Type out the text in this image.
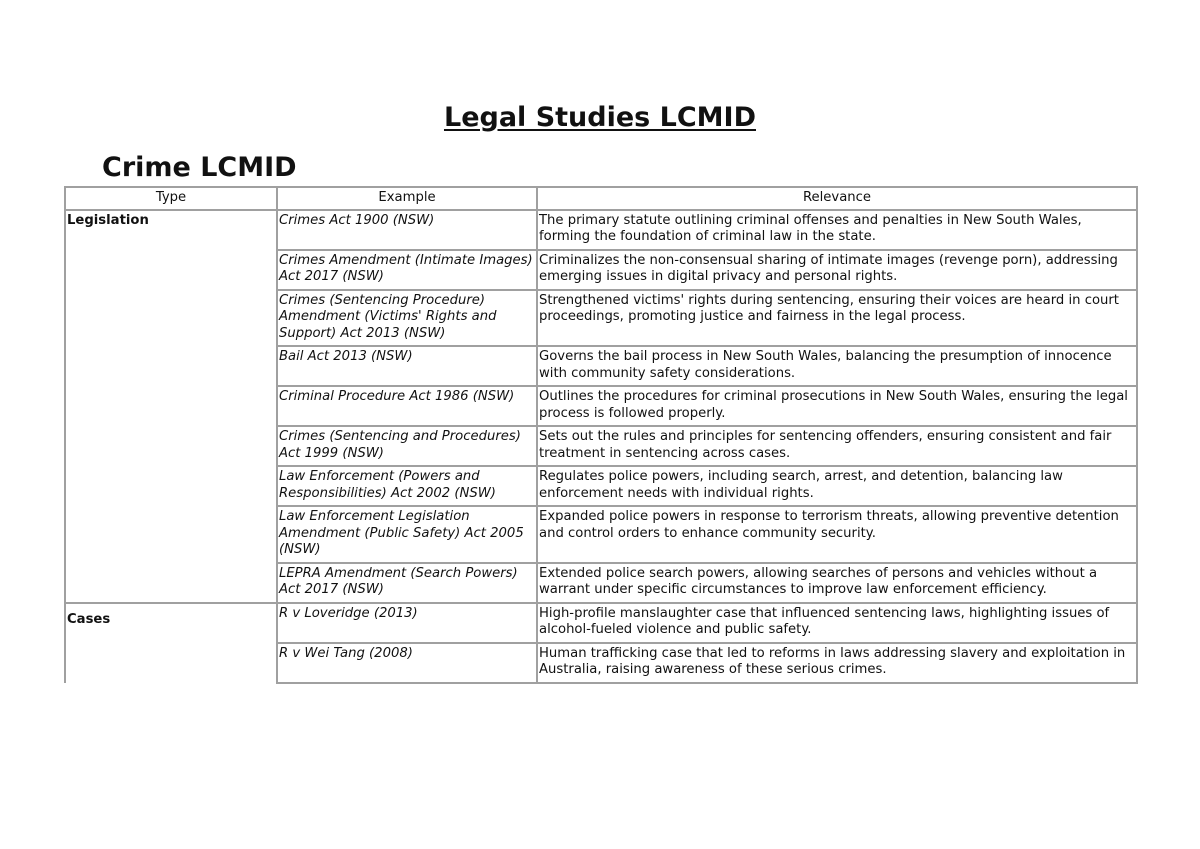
Legal Studies LCMID
Crime LCMID
Type	Example	Relevance
Legislation	Crimes Act 1900 (NSW)	The primary statute outlining criminal offenses and penalties in New South Wales, forming the foundation of criminal law in the state.
	Crimes Amendment (Intimate Images) Act 2017 (NSW)	Criminalizes the non-consensual sharing of intimate images (revenge porn), addressing emerging issues in digital privacy and personal rights.
	Crimes (Sentencing Procedure) Amendment (Victims' Rights and Support) Act 2013 (NSW)	Strengthened victims' rights during sentencing, ensuring their voices are heard in court proceedings, promoting justice and fairness in the legal process.
	Bail Act 2013 (NSW)	Governs the bail process in New South Wales, balancing the presumption of innocence with community safety considerations.
	Criminal Procedure Act 1986 (NSW)	Outlines the procedures for criminal prosecutions in New South Wales, ensuring the legal process is followed properly.
	Crimes (Sentencing and Procedures) Act 1999 (NSW)	Sets out the rules and principles for sentencing offenders, ensuring consistent and fair treatment in sentencing across cases.
	Law Enforcement (Powers and Responsibilities) Act 2002 (NSW)	Regulates police powers, including search, arrest, and detention, balancing law enforcement needs with individual rights.
	Law Enforcement Legislation Amendment (Public Safety) Act 2005 (NSW)	Expanded police powers in response to terrorism threats, allowing preventive detention and control orders to enhance community security.
	LEPRA Amendment (Search Powers) Act 2017 (NSW)	Extended police search powers, allowing searches of persons and vehicles without a warrant under specific circumstances to improve law enforcement efficiency.
Cases	R v Loveridge (2013)	High-profile manslaughter case that influenced sentencing laws, highlighting issues of alcohol-fueled violence and public safety.
	R v Wei Tang (2008)	Human trafficking case that led to reforms in laws addressing slavery and exploitation in Australia, raising awareness of these serious crimes.
